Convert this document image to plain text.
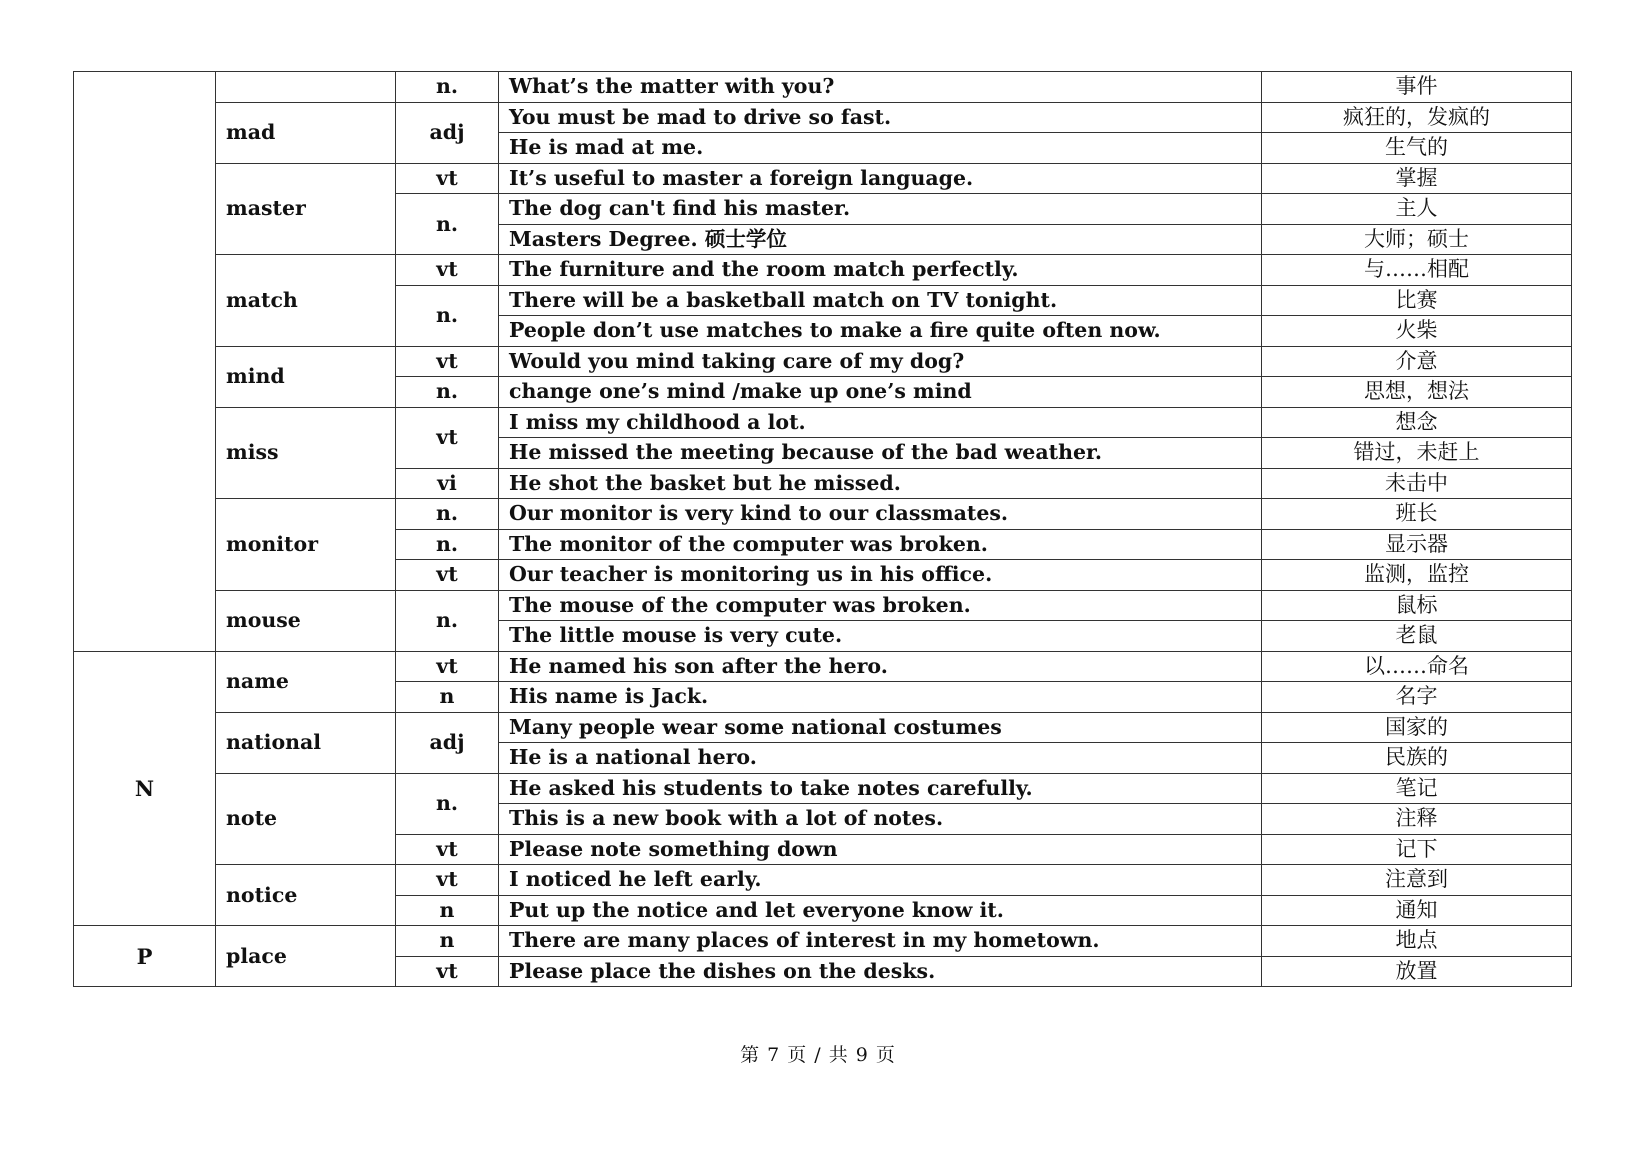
		n.	What’s the matter with you?	事件
	mad	adj	You must be mad to drive so fast.	疯狂的，发疯的
			He is mad at me.	生气的
	master	vt	It’s useful to master a foreign language.	掌握
		n.	The dog can't find his master.	主人
			Masters Degree. 硕士学位	大师；硕士
	match	vt	The furniture and the room match perfectly.	与……相配
		n.	There will be a basketball match on TV tonight.	比赛
			People don’t use matches to make a fire quite often now.	火柴
	mind	vt	Would you mind taking care of my dog?	介意
		n.	change one’s mind /make up one’s mind	思想，想法
	miss	vt	I miss my childhood a lot.	想念
			He missed the meeting because of the bad weather.	错过，未赶上
		vi	He shot the basket but he missed.	未击中
	monitor	n.	Our monitor is very kind to our classmates.	班长
		n.	The monitor of the computer was broken.	显示器
		vt	Our teacher is monitoring us in his office.	监测，监控
	mouse	n.	The mouse of the computer was broken.	鼠标
			The little mouse is very cute.	老鼠
N	name	vt	He named his son after the hero.	以……命名
		n	His name is Jack.	名字
	national	adj	Many people wear some national costumes	国家的
			He is a national hero.	民族的
	note	n.	He asked his students to take notes carefully.	笔记
			This is a new book with a lot of notes.	注释
		vt	Please note something down	记下
	notice	vt	I noticed he left early.	注意到
		n	Put up the notice and let everyone know it.	通知
P	place	n	There are many places of interest in my hometown.	地点
		vt	Please place the dishes on the desks.	放置
第 7 页 / 共 9 页
